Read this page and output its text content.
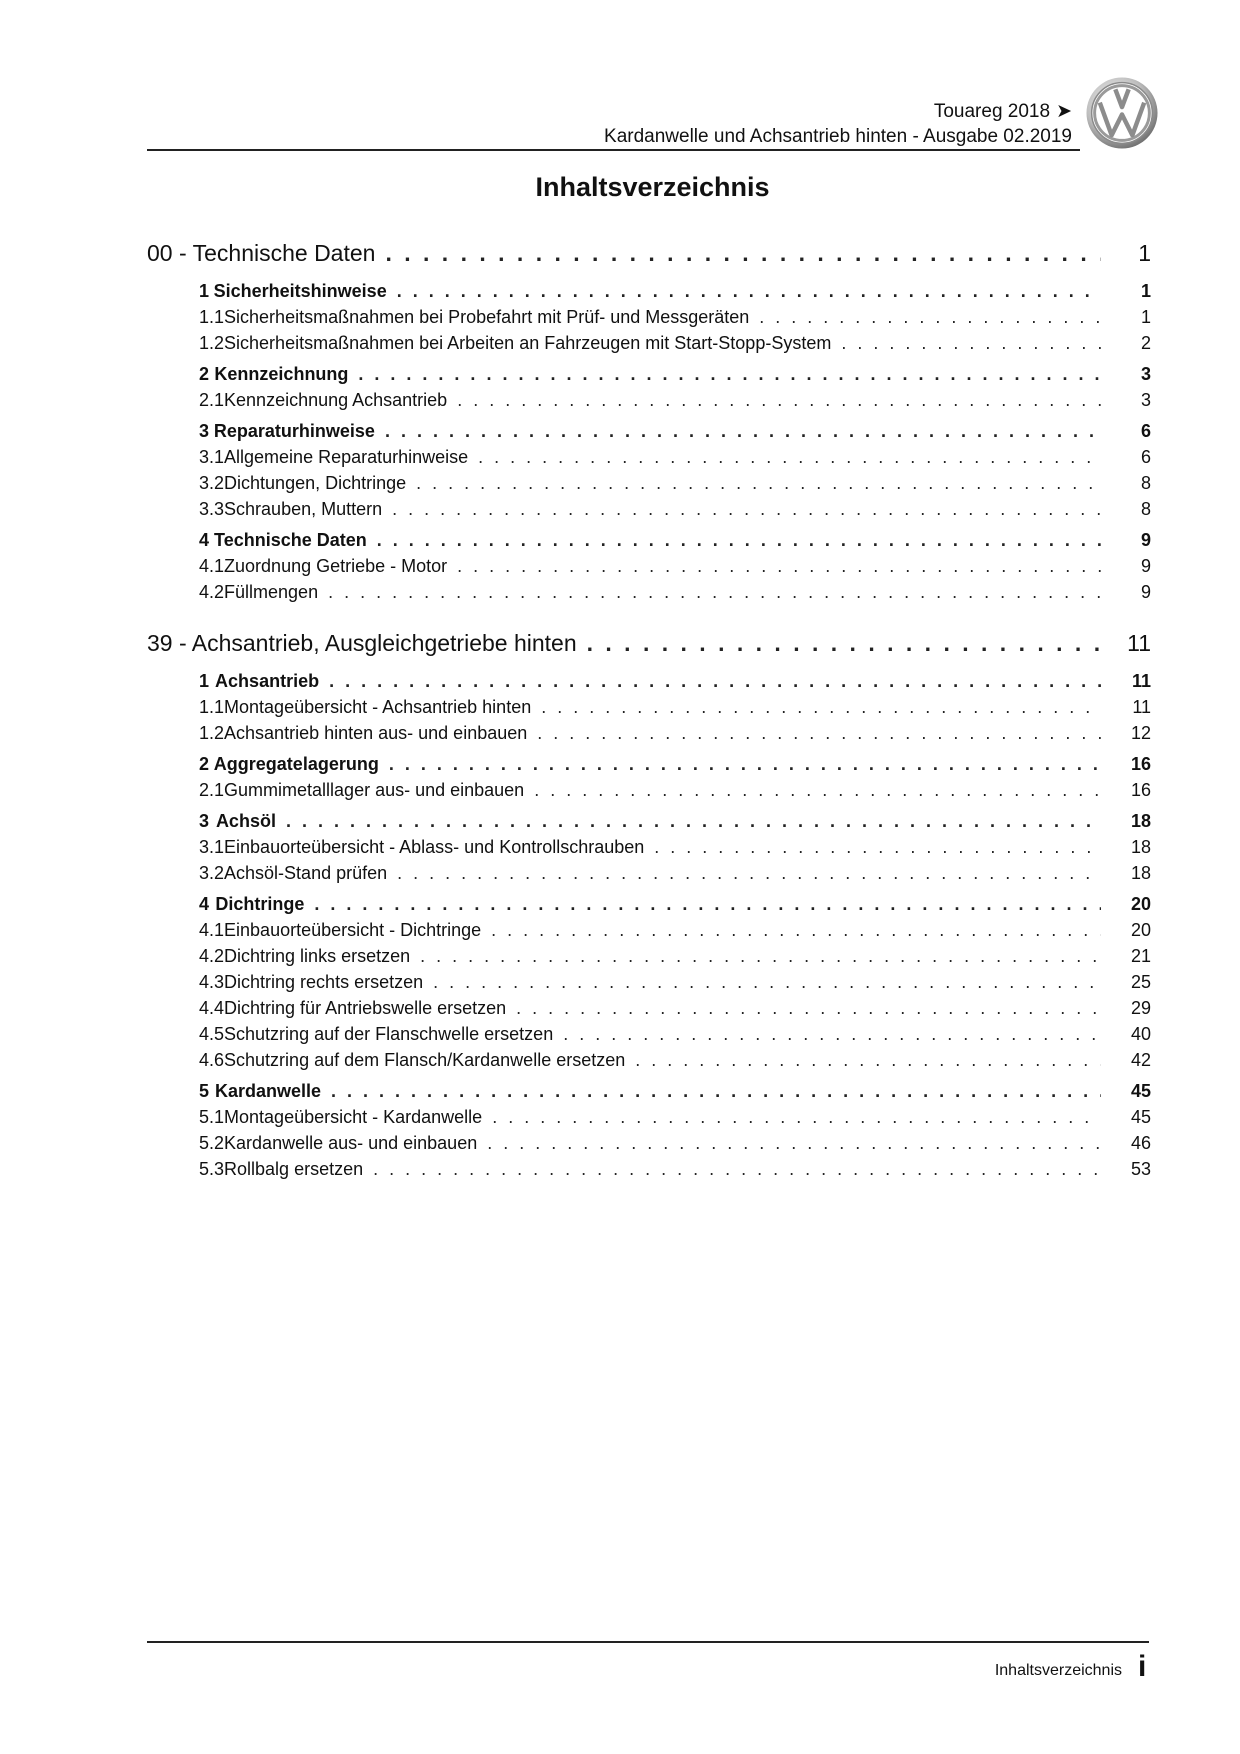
Touareg 2018 ➤
Kardanwelle und Achsantrieb hinten - Ausgabe 02.2019
Inhaltsverzeichnis
00 - Technische Daten . . .	1
1 Sicherheitshinweise . . .	1
1.1 Sicherheitsmaßnahmen bei Probefahrt mit Prüf- und Messgeräten . . .	1
1.2 Sicherheitsmaßnahmen bei Arbeiten an Fahrzeugen mit Start-Stopp-System . . .	2
2 Kennzeichnung . . .	3
2.1 Kennzeichnung Achsantrieb . . .	3
3 Reparaturhinweise . . .	6
3.1 Allgemeine Reparaturhinweise . . .	6
3.2 Dichtungen, Dichtringe . . .	8
3.3 Schrauben, Muttern . . .	8
4 Technische Daten . . .	9
4.1 Zuordnung Getriebe - Motor . . .	9
4.2 Füllmengen . . .	9
39 - Achsantrieb, Ausgleichgetriebe hinten . . .	11
1 Achsantrieb . . .	11
1.1 Montageübersicht - Achsantrieb hinten . . .	11
1.2 Achsantrieb hinten aus- und einbauen . . .	12
2 Aggregatelagerung . . .	16
2.1 Gummimetalllager aus- und einbauen . . .	16
3 Achsöl . . .	18
3.1 Einbauorteübersicht - Ablass- und Kontrollschrauben . . .	18
3.2 Achsöl-Stand prüfen . . .	18
4 Dichtringe . . .	20
4.1 Einbauorteübersicht - Dichtringe . . .	20
4.2 Dichtring links ersetzen . . .	21
4.3 Dichtring rechts ersetzen . . .	25
4.4 Dichtring für Antriebswelle ersetzen . . .	29
4.5 Schutzring auf der Flanschwelle ersetzen . . .	40
4.6 Schutzring auf dem Flansch/Kardanwelle ersetzen . . .	42
5 Kardanwelle . . .	45
5.1 Montageübersicht - Kardanwelle . . .	45
5.2 Kardanwelle aus- und einbauen . . .	46
5.3 Rollbalg ersetzen . . .	53
Inhaltsverzeichnis i
